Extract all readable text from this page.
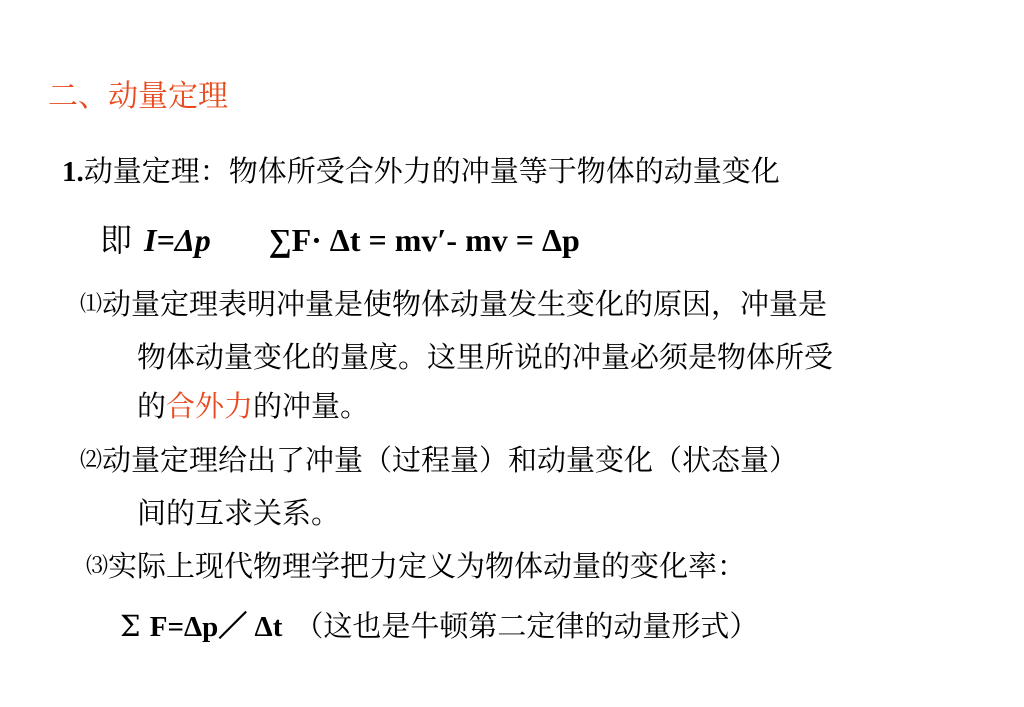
二、动量定理
1.动量定理：物体所受合外力的冲量等于物体的动量变化
即 I=Δp ∑F· Δt = mv′- mv = Δp
⑴动量定理表明冲量是使物体动量发生变化的原因，冲量是
物体动量变化的量度。这里所说的冲量必须是物体所受
的合外力的冲量。
⑵动量定理给出了冲量（过程量）和动量变化（状态量）
间的互求关系。
⑶实际上现代物理学把力定义为物体动量的变化率：
Σ F=Δp／ Δt （这也是牛顿第二定律的动量形式）
